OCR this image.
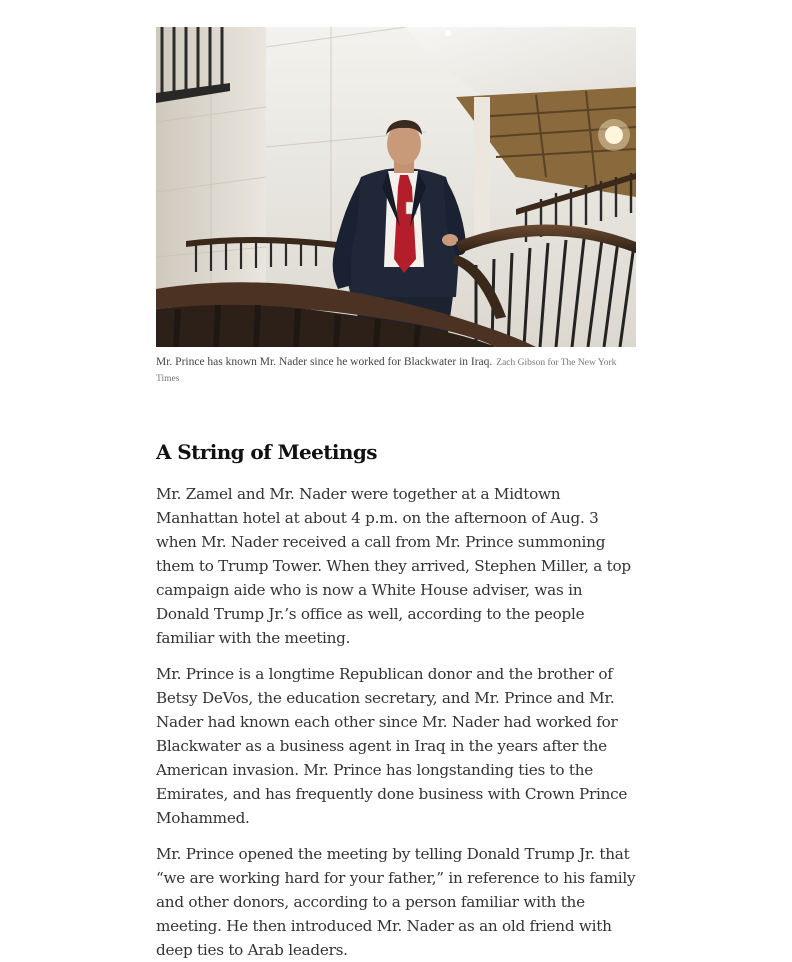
Mr. Prince has known Mr. Nader since he worked for Blackwater in Iraq. Zach Gibson for The New York Times
A String of Meetings

Mr. Zamel and Mr. Nader were together at a Midtown Manhattan hotel at about 4 p.m. on the afternoon of Aug. 3 when Mr. Nader received a call from Mr. Prince summoning them to Trump Tower. When they arrived, Stephen Miller, a top campaign aide who is now a White House adviser, was in Donald Trump Jr.’s office as well, according to the people familiar with the meeting.

Mr. Prince is a longtime Republican donor and the brother of Betsy DeVos, the education secretary, and Mr. Prince and Mr. Nader had known each other since Mr. Nader had worked for Blackwater as a business agent in Iraq in the years after the American invasion. Mr. Prince has longstanding ties to the Emirates, and has frequently done business with Crown Prince Mohammed.

Mr. Prince opened the meeting by telling Donald Trump Jr. that “we are working hard for your father,” in reference to his family and other donors, according to a person familiar with the meeting. He then introduced Mr. Nader as an old friend with deep ties to Arab leaders.
